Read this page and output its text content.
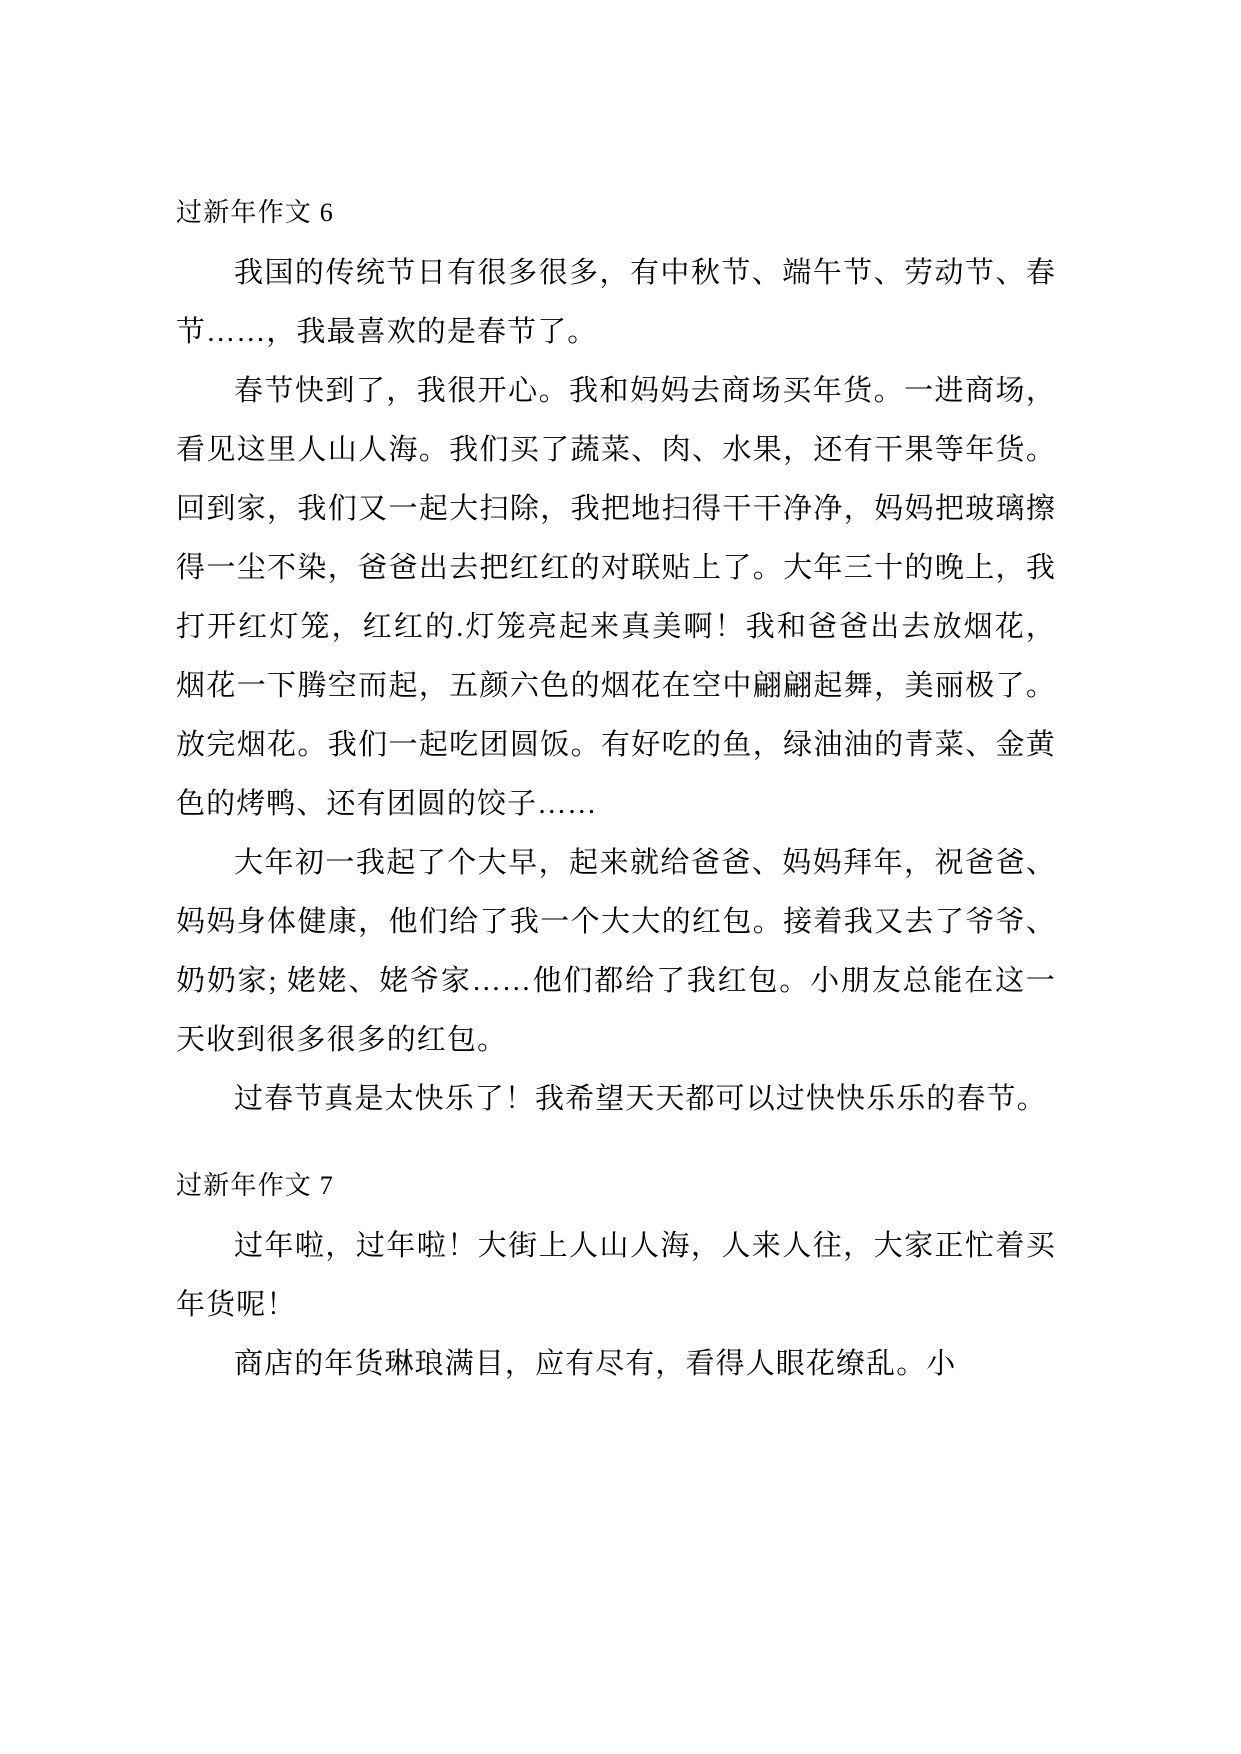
过新年作文 6

我国的传统节日有很多很多，有中秋节、端午节、劳动节、春节……，我最喜欢的是春节了。

春节快到了，我很开心。我和妈妈去商场买年货。一进商场，看见这里人山人海。我们买了蔬菜、肉、水果，还有干果等年货。回到家，我们又一起大扫除，我把地扫得干干净净，妈妈把玻璃擦得一尘不染，爸爸出去把红红的对联贴上了。大年三十的晚上，我打开红灯笼，红红的.灯笼亮起来真美啊！我和爸爸出去放烟花，烟花一下腾空而起，五颜六色的烟花在空中翩翩起舞，美丽极了。放完烟花。我们一起吃团圆饭。有好吃的鱼，绿油油的青菜、金黄色的烤鸭、还有团圆的饺子……

大年初一我起了个大早，起来就给爸爸、妈妈拜年，祝爸爸、妈妈身体健康，他们给了我一个大大的红包。接着我又去了爷爷、奶奶家; 姥姥、姥爷家……他们都给了我红包。小朋友总能在这一天收到很多很多的红包。

过春节真是太快乐了！我希望天天都可以过快快乐乐的春节。

过新年作文 7

过年啦，过年啦！大街上人山人海，人来人往，大家正忙着买年货呢！

商店的年货琳琅满目，应有尽有，看得人眼花缭乱。小
